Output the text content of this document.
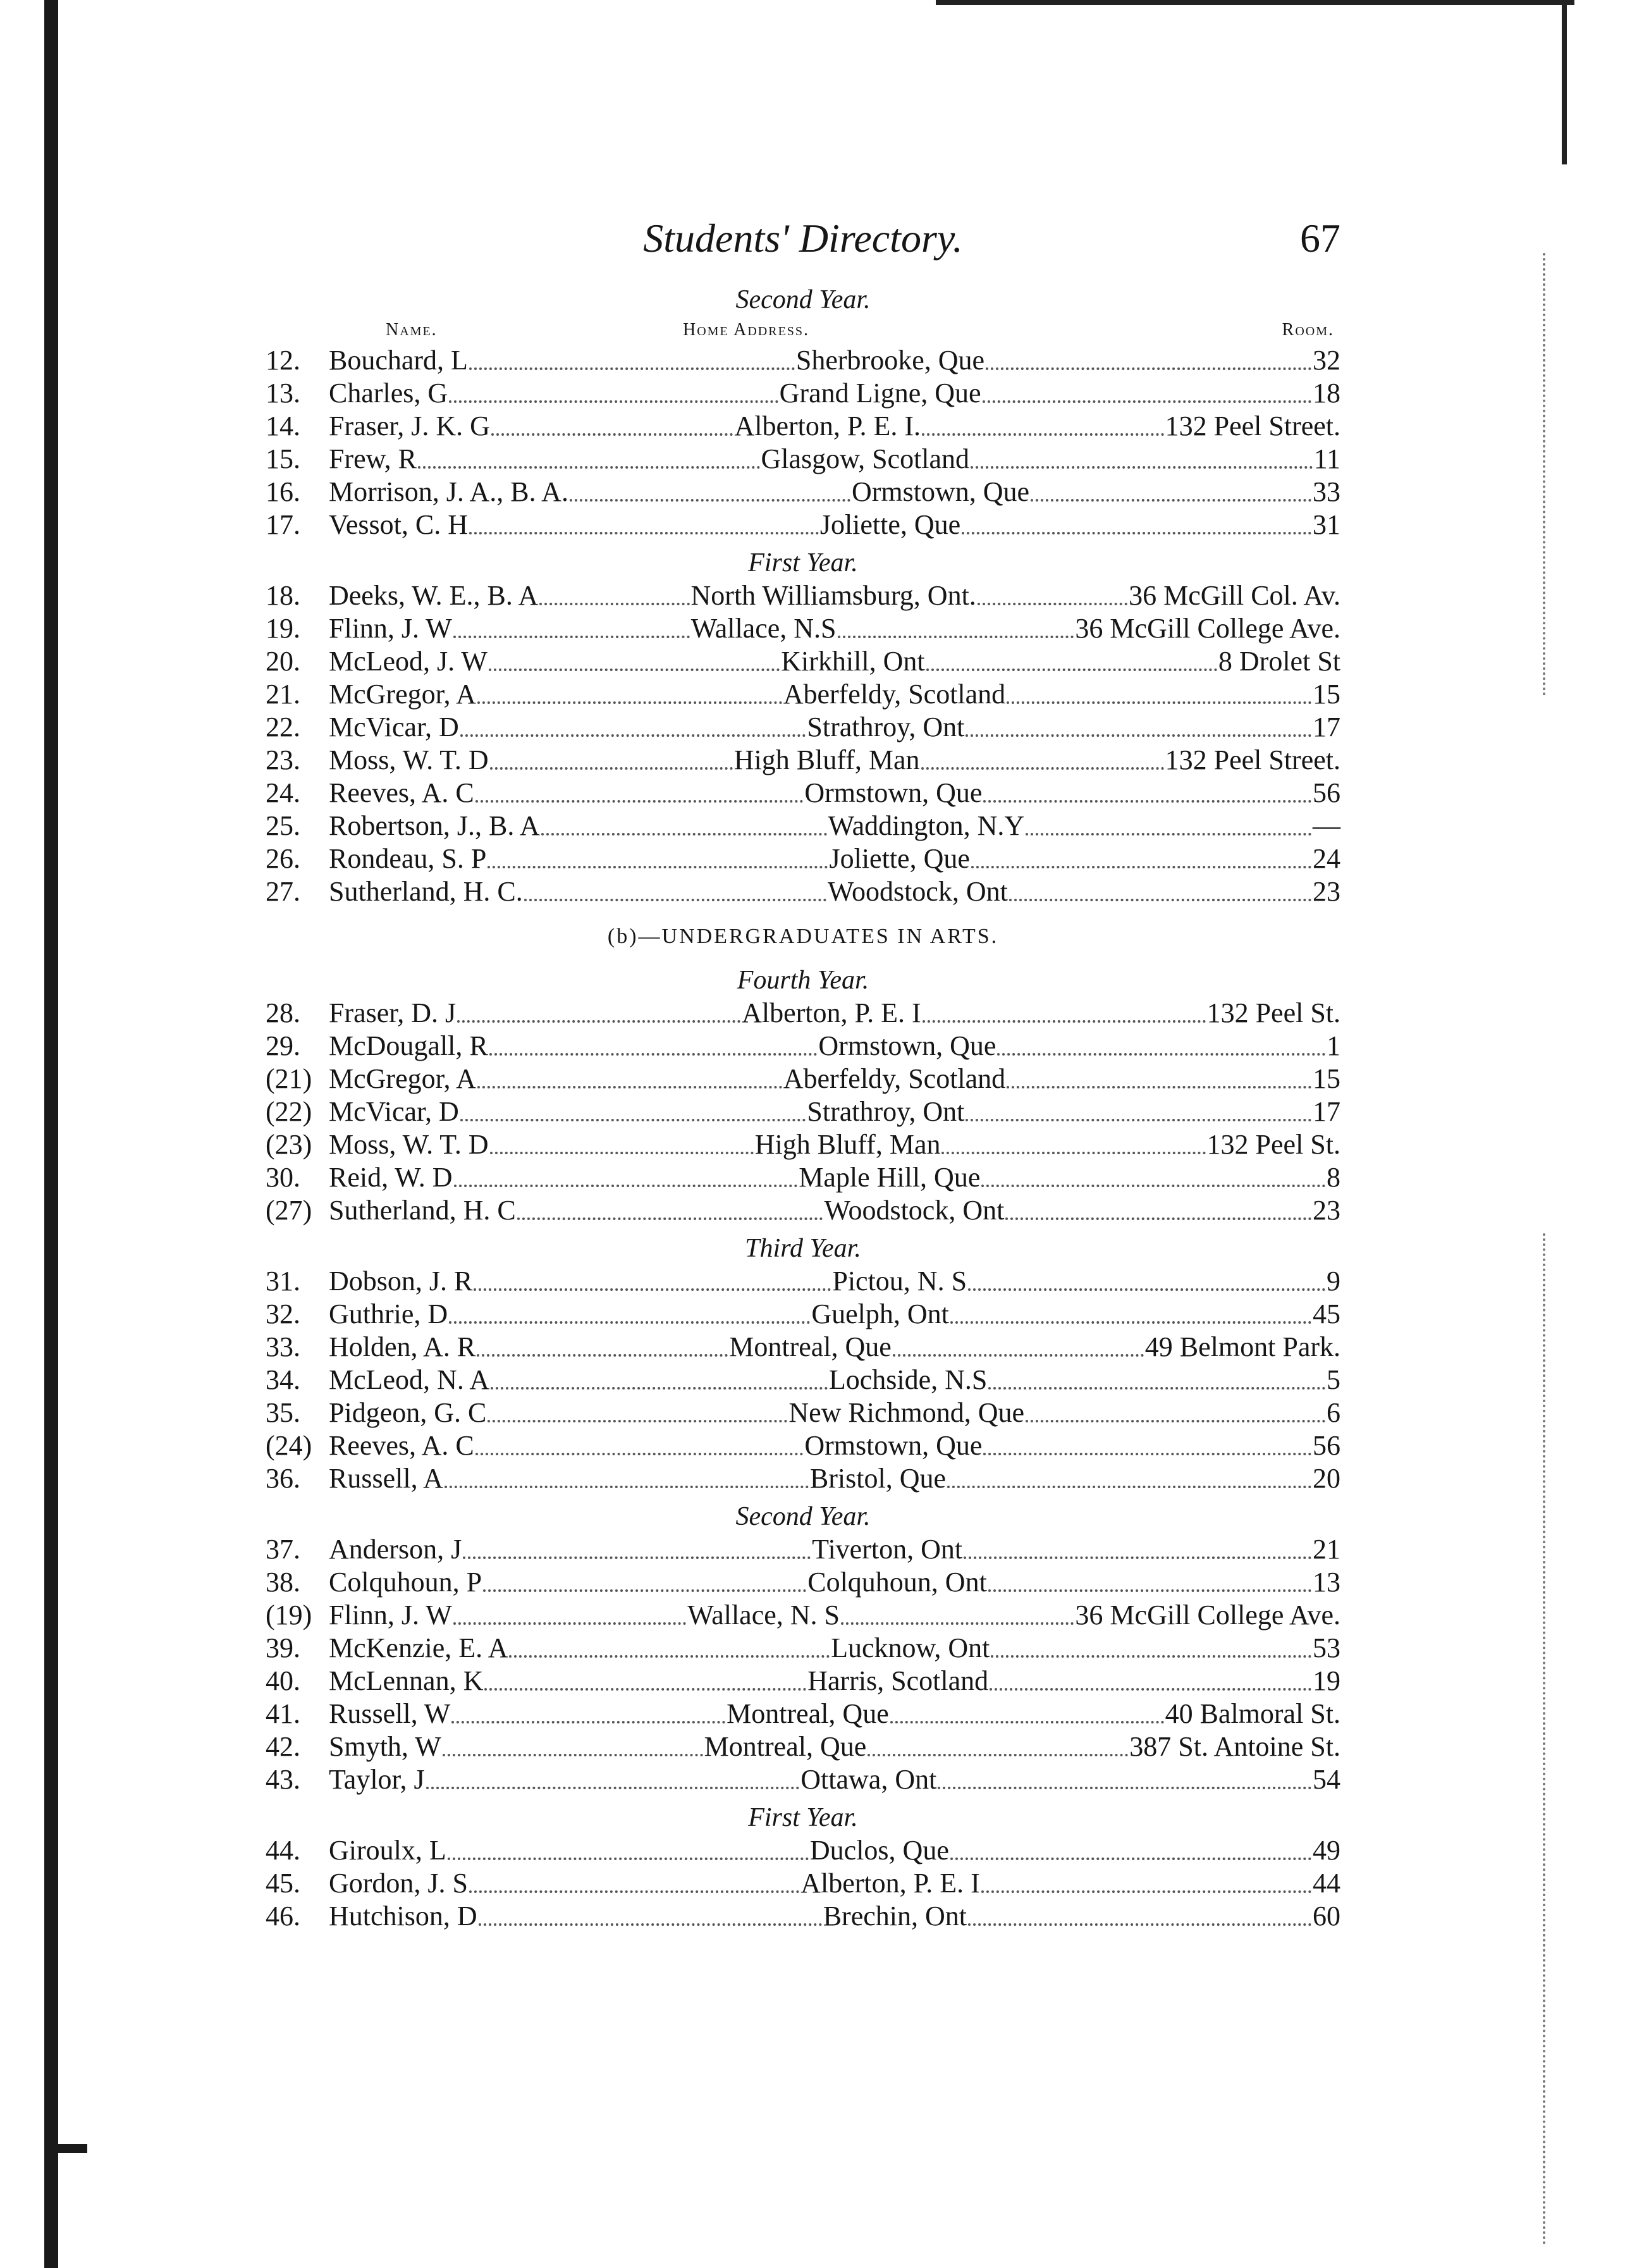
Students' Directory.	67
Second Year.
Name.	Home Address.	Room.
12.	Bouchard, L	Sherbrooke, Que	32
13.	Charles, G	Grand Ligne, Que	18
14.	Fraser, J. K. G	Alberton, P. E. I.	132 Peel Street.
15.	Frew, R	Glasgow, Scotland	11
16.	Morrison, J. A., B. A.	Ormstown, Que	33
17.	Vessot, C. H	Joliette, Que	31
First Year.
18.	Deeks, W. E., B. A	North Williamsburg, Ont.	36 McGill Col. Av.
19.	Flinn, J. W	Wallace, N.S	36 McGill College Ave.
20.	McLeod, J. W	Kirkhill, Ont	8 Drolet St
21.	McGregor, A	Aberfeldy, Scotland	15
22.	McVicar, D	Strathroy, Ont	17
23.	Moss, W. T. D	High Bluff, Man	132 Peel Street.
24.	Reeves, A. C	Ormstown, Que	56
25.	Robertson, J., B. A	Waddington, N.Y	—
26.	Rondeau, S. P	Joliette, Que	24
27.	Sutherland, H. C.	Woodstock, Ont	23
(b)—UNDERGRADUATES IN ARTS.
Fourth Year.
28.	Fraser, D. J	Alberton, P. E. I	132 Peel St.
29.	McDougall, R	Ormstown, Que	1
(21) McGregor, A	Aberfeldy, Scotland	15
(22) McVicar, D	Strathroy, Ont	17
(23) Moss, W. T. D	High Bluff, Man	132 Peel St.
30.	Reid, W. D	Maple Hill, Que	8
(27) Sutherland, H. C	Woodstock, Ont	23
Third Year.
31.	Dobson, J. R	Pictou, N. S	9
32.	Guthrie, D	Guelph, Ont	45
33.	Holden, A. R	Montreal, Que	49 Belmont Park.
34.	McLeod, N. A	Lochside, N.S	5
35.	Pidgeon, G. C	New Richmond, Que	6
(24) Reeves, A. C	Ormstown, Que	56
36.	Russell, A	Bristol, Que	20
Second Year.
37.	Anderson, J	Tiverton, Ont	21
38.	Colquhoun, P	Colquhoun, Ont	13
(19) Flinn, J. W	Wallace, N. S	36 McGill College Ave.
39.	McKenzie, E. A	Lucknow, Ont	53
40.	McLennan, K	Harris, Scotland	19
41.	Russell, W	Montreal, Que	40 Balmoral St.
42.	Smyth, W	Montreal, Que	387 St. Antoine St.
43.	Taylor, J	Ottawa, Ont	54
First Year.
44.	Giroulx, L	Duclos, Que	49
45.	Gordon, J. S	Alberton, P. E. I	44
46.	Hutchison, D	Brechin, Ont	60
